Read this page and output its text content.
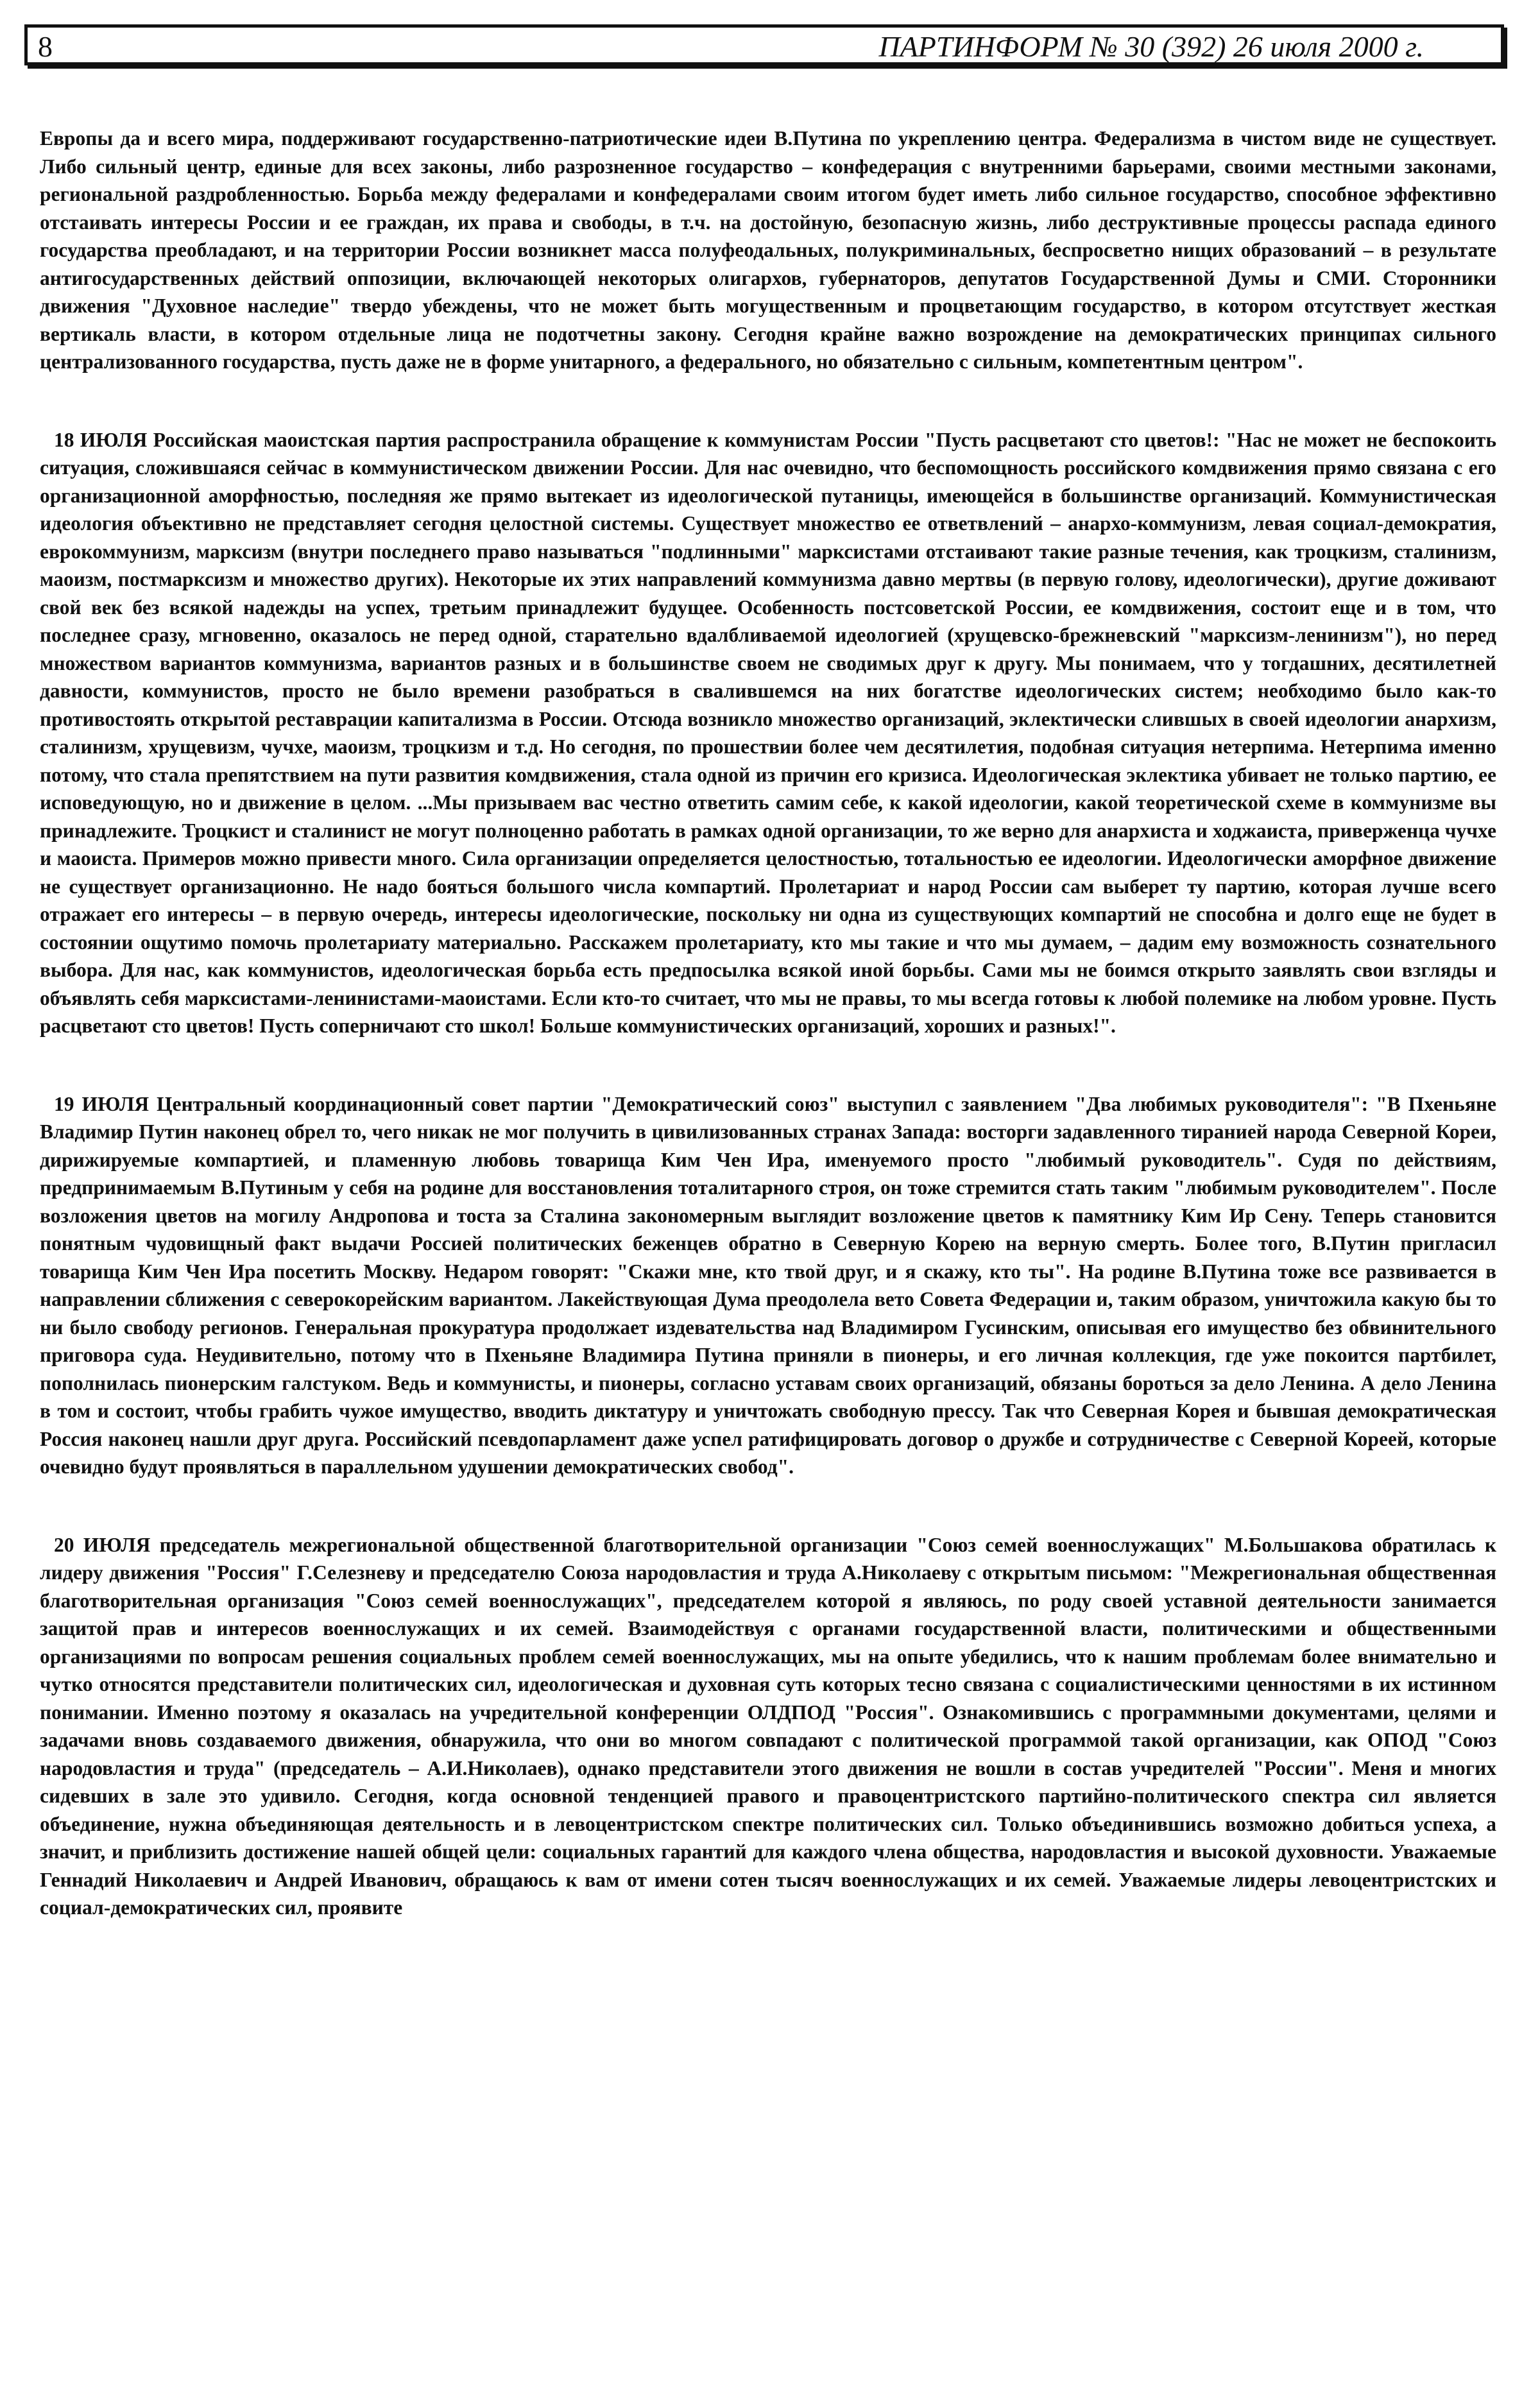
8	ПАРТИНФОРМ № 30 (392) 26 июля 2000 г.

Европы да и всего мира, поддерживают государственно-патриотические идеи В.Путина по укреплению центра. Федерализма в чистом виде не существует. Либо сильный центр, единые для всех законы, либо разрозненное государство – конфедерация с внутренними барьерами, своими местными законами, региональной раздробленностью. Борьба между федералами и конфедералами своим итогом будет иметь либо сильное государство, способное эффективно отстаивать интересы России и ее граждан, их права и свободы, в т.ч. на достойную, безопасную жизнь, либо деструктивные процессы распада единого государства преобладают, и на территории России возникнет масса полуфеодальных, полукриминальных, беспросветно нищих образований – в результате антигосударственных действий оппозиции, включающей некоторых олигархов, губернаторов, депутатов Государственной Думы и СМИ. Сторонники движения "Духовное наследие" твердо убеждены, что не может быть могущественным и процветающим государство, в котором отсутствует жесткая вертикаль власти, в котором отдельные лица не подотчетны закону. Сегодня крайне важно возрождение на демократических принципах сильного централизованного государства, пусть даже не в форме унитарного, а федерального, но обязательно с сильным, компетентным центром".

18 ИЮЛЯ Российская маоистская партия распространила обращение к коммунистам России "Пусть расцветают сто цветов!: "Нас не может не беспокоить ситуация, сложившаяся сейчас в коммунистическом движении России. Для нас очевидно, что беспомощность российского комдвижения прямо связана с его организационной аморфностью, последняя же прямо вытекает из идеологической путаницы, имеющейся в большинстве организаций. Коммунистическая идеология объективно не представляет сегодня целостной системы. Существует множество ее ответвлений – анархо-коммунизм, левая социал-демократия, еврокоммунизм, марксизм (внутри последнего право называться "подлинными" марксистами отстаивают такие разные течения, как троцкизм, сталинизм, маоизм, постмарксизм и множество других). Некоторые их этих направлений коммунизма давно мертвы (в первую голову, идеологически), другие доживают свой век без всякой надежды на успех, третьим принадлежит будущее. Особенность постсоветской России, ее комдвижения, состоит еще и в том, что последнее сразу, мгновенно, оказалось не перед одной, старательно вдалбливаемой идеологией (хрущевско-брежневский "марксизм-ленинизм"), но перед множеством вариантов коммунизма, вариантов разных и в большинстве своем не сводимых друг к другу. Мы понимаем, что у тогдашних, десятилетней давности, коммунистов, просто не было времени разобраться в свалившемся на них богатстве идеологических систем; необходимо было как-то противостоять открытой реставрации капитализма в России. Отсюда возникло множество организаций, эклектически слившых в своей идеологии анархизм, сталинизм, хрущевизм, чучхе, маоизм, троцкизм и т.д. Но сегодня, по прошествии более чем десятилетия, подобная ситуация нетерпима. Нетерпима именно потому, что стала препятствием на пути развития комдвижения, стала одной из причин его кризиса. Идеологическая эклектика убивает не только партию, ее исповедующую, но и движение в целом. ...Мы призываем вас честно ответить самим себе, к какой идеологии, какой теоретической схеме в коммунизме вы принадлежите. Троцкист и сталинист не могут полноценно работать в рамках одной организации, то же верно для анархиста и ходжаиста, приверженца чучхе и маоиста. Примеров можно привести много. Сила организации определяется целостностью, тотальностью ее идеологии. Идеологически аморфное движение не существует организационно. Не надо бояться большого числа компартий. Пролетариат и народ России сам выберет ту партию, которая лучше всего отражает его интересы – в первую очередь, интересы идеологические, поскольку ни одна из существующих компартий не способна и долго еще не будет в состоянии ощутимо помочь пролетариату материально. Расскажем пролетариату, кто мы такие и что мы думаем, – дадим ему возможность сознательного выбора. Для нас, как коммунистов, идеологическая борьба есть предпосылка всякой иной борьбы. Сами мы не боимся открыто заявлять свои взгляды и объявлять себя марксистами-ленинистами-маоистами. Если кто-то считает, что мы не правы, то мы всегда готовы к любой полемике на любом уровне. Пусть расцветают сто цветов! Пусть соперничают сто школ! Больше коммунистических организаций, хороших и разных!".

19 ИЮЛЯ Центральный координационный совет партии "Демократический союз" выступил с заявлением "Два любимых руководителя": "В Пхеньяне Владимир Путин наконец обрел то, чего никак не мог получить в цивилизованных странах Запада: восторги задавленного тиранией народа Северной Кореи, дирижируемые компартией, и пламенную любовь товарища Ким Чен Ира, именуемого просто "любимый руководитель". Судя по действиям, предпринимаемым В.Путиным у себя на родине для восстановления тоталитарного строя, он тоже стремится стать таким "любимым руководителем". После возложения цветов на могилу Андропова и тоста за Сталина закономерным выглядит возложение цветов к памятнику Ким Ир Сену. Теперь становится понятным чудовищный факт выдачи Россией политических беженцев обратно в Северную Корею на верную смерть. Более того, В.Путин пригласил товарища Ким Чен Ира посетить Москву. Недаром говорят: "Скажи мне, кто твой друг, и я скажу, кто ты". На родине В.Путина тоже все развивается в направлении сближения с северокорейским вариантом. Лакействующая Дума преодолела вето Совета Федерации и, таким образом, уничтожила какую бы то ни было свободу регионов. Генеральная прокуратура продолжает издевательства над Владимиром Гусинским, описывая его имущество без обвинительного приговора суда. Неудивительно, потому что в Пхеньяне Владимира Путина приняли в пионеры, и его личная коллекция, где уже покоится партбилет, пополнилась пионерским галстуком. Ведь и коммунисты, и пионеры, согласно уставам своих организаций, обязаны бороться за дело Ленина. А дело Ленина в том и состоит, чтобы грабить чужое имущество, вводить диктатуру и уничтожать свободную прессу. Так что Северная Корея и бывшая демократическая Россия наконец нашли друг друга. Российский псевдопарламент даже успел ратифицировать договор о дружбе и сотрудничестве с Северной Кореей, которые очевидно будут проявляться в параллельном удушении демократических свобод".

20 ИЮЛЯ председатель межрегиональной общественной благотворительной организации "Союз семей военнослужащих" М.Большакова обратилась к лидеру движения "Россия" Г.Селезневу и председателю Союза народовластия и труда А.Николаеву с открытым письмом: "Межрегиональная общественная благотворительная организация "Союз семей военнослужащих", председателем которой я являюсь, по роду своей уставной деятельности занимается защитой прав и интересов военнослужащих и их семей. Взаимодействуя с органами государственной власти, политическими и общественными организациями по вопросам решения социальных проблем семей военнослужащих, мы на опыте убедились, что к нашим проблемам более внимательно и чутко относятся представители политических сил, идеологическая и духовная суть которых тесно связана с социалистическими ценностями в их истинном понимании. Именно поэтому я оказалась на учредительной конференции ОЛДПОД "Россия". Ознакомившись с программными документами, целями и задачами вновь создаваемого движения, обнаружила, что они во многом совпадают с политической программой такой организации, как ОПОД "Союз народовластия и труда" (председатель – А.И.Николаев), однако представители этого движения не вошли в состав учредителей "России". Меня и многих сидевших в зале это удивило. Сегодня, когда основной тенденцией правого и правоцентристского партийно-политического спектра сил является объединение, нужна объединяющая деятельность и в левоцентристском спектре политических сил. Только объединившись возможно добиться успеха, а значит, и приблизить достижение нашей общей цели: социальных гарантий для каждого члена общества, народовластия и высокой духовности. Уважаемые Геннадий Николаевич и Андрей Иванович, обращаюсь к вам от имени сотен тысяч военнослужащих и их семей. Уважаемые лидеры левоцентристских и социал-демократических сил, проявите
